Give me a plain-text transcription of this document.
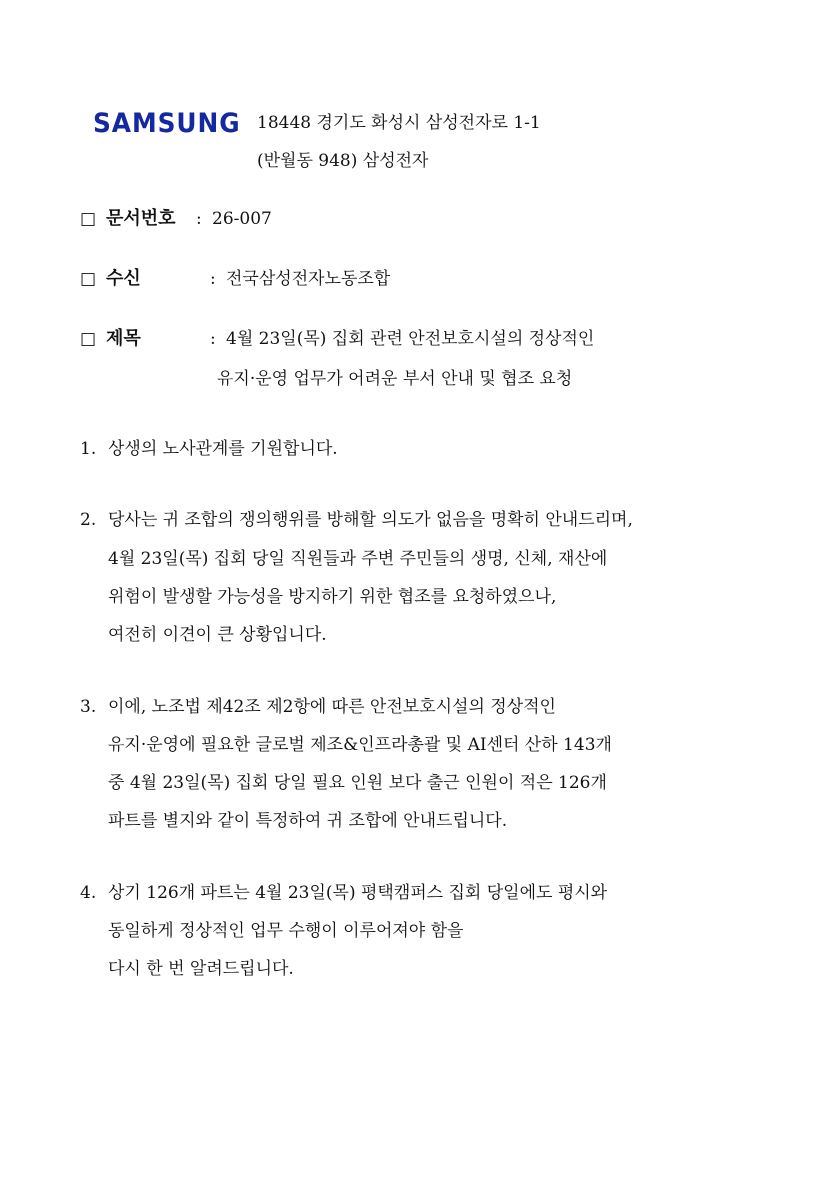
SAMSUNG 18448 경기도 화성시 삼성전자로 1-1
(반월동 948) 삼성전자
□ 문서번호 : 26-007
□ 수신	: 전국삼성전자노동조합
□ 제목	: 4월 23일(목) 집회 관련 안전보호시설의 정상적인
유지·운영 업무가 어려운 부서 안내 및 협조 요청
1. 상생의 노사관계를 기원합니다.
2. 당사는 귀 조합의 쟁의행위를 방해할 의도가 없음을 명확히 안내드리며,
4월 23일(목) 집회 당일 직원들과 주변 주민들의 생명, 신체, 재산에
위험이 발생할 가능성을 방지하기 위한 협조를 요청하였으나,
여전히 이견이 큰 상황입니다.
3. 이에, 노조법 제42조 제2항에 따른 안전보호시설의 정상적인
유지·운영에 필요한 글로벌 제조&인프라총괄 및 AI센터 산하 143개
중 4월 23일(목) 집회 당일 필요 인원 보다 출근 인원이 적은 126개
파트를 별지와 같이 특정하여 귀 조합에 안내드립니다.
4. 상기 126개 파트는 4월 23일(목) 평택캠퍼스 집회 당일에도 평시와
동일하게 정상적인 업무 수행이 이루어져야 함을
다시 한 번 알려드립니다.
